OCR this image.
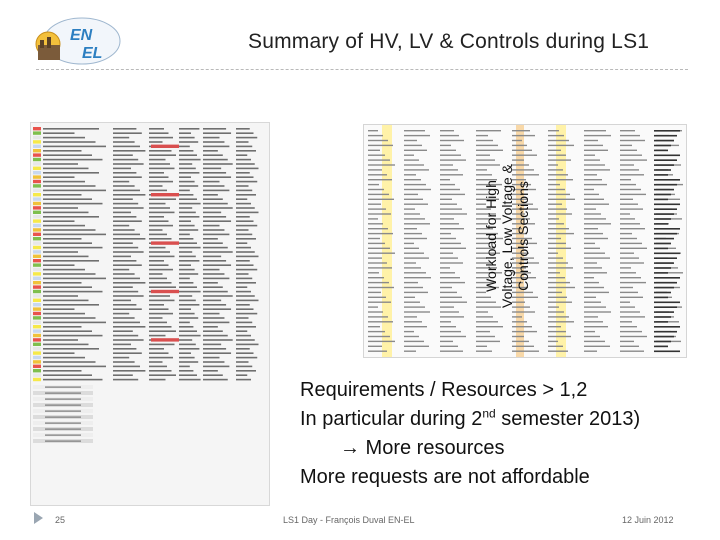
EN
EL
Summary of HV, LV & Controls during LS1
Workload for High Voltage, Low Voltage & Controls Sections
Requirements / Resources > 1,2
In particular during 2nd semester 2013)
→ More resources
More requests are not affordable
25	LS1 Day - François Duval EN-EL	12 Juin 2012
